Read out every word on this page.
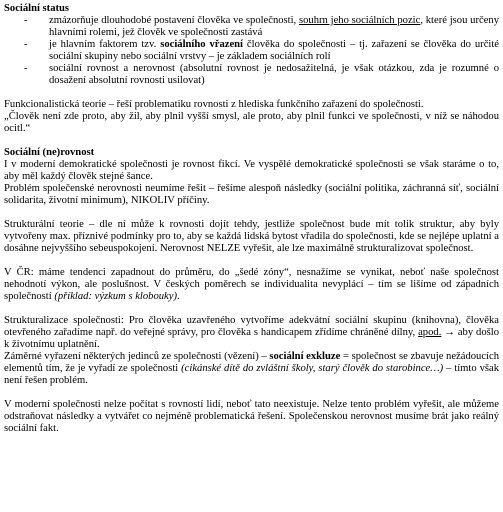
Sociální status

- zmázorňuje dlouhodobé postavení člověka ve společnosti, souhrn jeho sociálních pozic, které jsou určeny hlavními rolemi, jež člověk ve společnosti zastává
- je hlavním faktorem tzv. sociálního vřazení člověka do společnosti – tj. zařazení se člověka do určité sociální skupiny nebo sociální vrstvy – je základem sociálních rolí
- sociální rovnost a nerovnost (absolutní rovnost je nedosažitelná, je však otázkou, zda je rozumné o dosažení absolutní rovnosti usilovat)

Funkcionalistická teorie – řeší problematiku rovnosti z hlediska funkčního zařazení do společnosti.

„Člověk není zde proto, aby žil, aby plnil vyšší smysl, ale proto, aby plnil funkci ve společnosti, v níž se náhodou ocitl.“

Sociální (ne)rovnost

I v moderní demokratické společnosti je rovnost fikcí. Ve vyspělé demokratické společnosti se však staráme o to, aby měl každý člověk stejné šance.

Problém společenské nerovnosti neumíme řešit – řešíme alespoň následky (sociální politika, záchranná síť, sociální solidarita, životní minimum), NIKOLIV příčiny.

Strukturální teorie – dle ní může k rovnosti dojít tehdy, jestliže společnost bude mít tolik struktur, aby byly vytvořeny max. příznivé podmínky pro to, aby se každá lidská bytost vřadila do společnosti, kde se nejlépe uplatní a dosáhne nejvyššího sebeuspokojení. Nerovnost NELZE vyřešit, ale lze maximálně strukturalizovat společnost.

V ČR: máme tendenci zapadnout do průměru, do „šedé zóny“, nesnažíme se vynikat, neboť naše společnost nehodnotí výkon, ale poslušnost. V českých poměrech se individualita nevyplácí – tím se lišíme od západních společností (příklad: výzkum s klobouky).

Strukturalizace společnosti: Pro člověka uzavřeného vytvoříme adekvátní sociální skupinu (knihovna), člověka otevřeného zařadíme např. do veřejné správy, pro člověka s handicapem zřídíme chráněné dílny, apod. → aby došlo k životnímu uplatnění.

Záměrné vyřazení některých jedinců ze společnosti (vězení) – sociální exkluze = společnost se zbavuje nežádoucích elementů tím, že je vyřadí ze společnosti (cikánské dítě do zvláštní školy, starý člověk do starobince…) – tímto však není řešen problém.

V moderní společnosti nelze počítat s rovností lidí, neboť tato neexistuje. Nelze tento problém vyřešit, ale můžeme odstraňovat následky a vytvářet co nejméně problematická řešení. Společenskou nerovnost musíme brát jako reálný sociální fakt.
